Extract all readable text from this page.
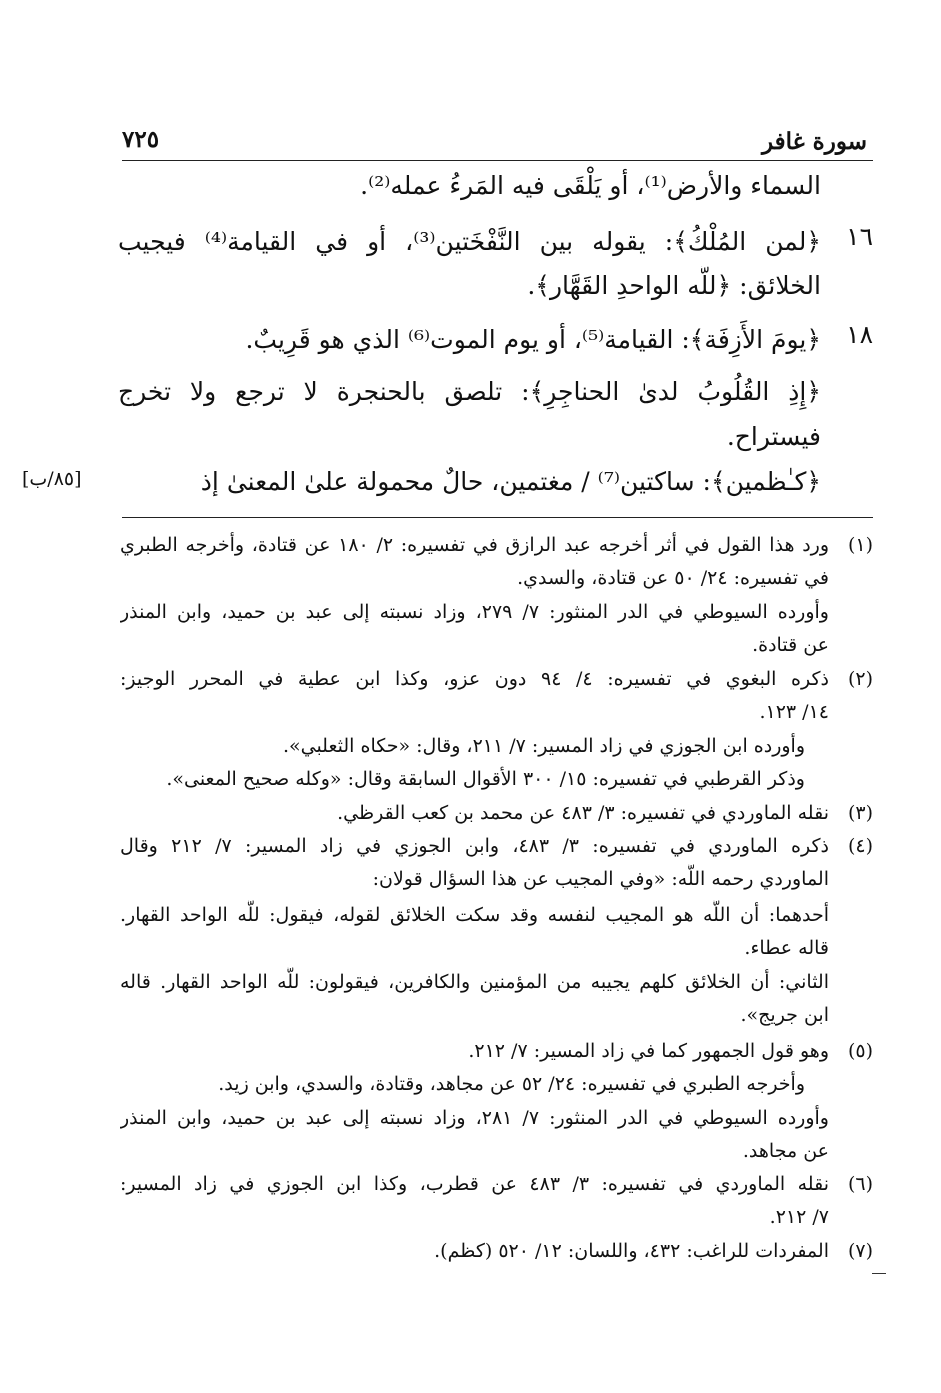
سورة غافر
٧٢٥
السماء والأرض⁽¹⁾، أو يَلْقَى فيه المَرءُ عمله⁽²⁾.
١٦
﴿لمن المُلْكُ﴾: يقوله بين النَّفْخَتين⁽³⁾، أو في القيامة⁽⁴⁾ فيجيب
الخلائق: ﴿للَّه الواحدِ القَهَّار﴾.
١٨
﴿يومَ الأَزِفَة﴾: القيامة⁽⁵⁾، أو يوم الموت⁽⁶⁾ الذي هو قَرِيبٌ.
﴿إِذِ القُلُوبُ لدىٰ الحناجِرِ﴾: تلصق بالحنجرة لا ترجع ولا تخرج
فيستراح.
﴿كـٰظمين﴾: ساكتين⁽⁷⁾ / مغتمين، حالٌ محمولة علىٰ المعنىٰ إذ
[٨٥/ب]
(١)
ورد هذا القول في أثر أخرجه عبد الرازق في تفسيره: ٢/ ١٨٠ عن قتادة، وأخرجه الطبري
في تفسيره: ٢٤/ ٥٠ عن قتادة، والسدي.
وأورده السيوطي في الدر المنثور: ٧/ ٢٧٩، وزاد نسبته إلى عبد بن حميد، وابن المنذر
عن قتادة.
(٢)
ذكره البغوي في تفسيره: ٤/ ٩٤ دون عزو، وكذا ابن عطية في المحرر الوجيز:
١٤/ ١٢٣.
وأورده ابن الجوزي في زاد المسير: ٧/ ٢١١، وقال: «حكاه الثعلبي».
وذكر القرطبي في تفسيره: ١٥/ ٣٠٠ الأقوال السابقة وقال: «وكله صحيح المعنى».
(٣)
نقله الماوردي في تفسيره: ٣/ ٤٨٣ عن محمد بن كعب القرظي.
(٤)
ذكره الماوردي في تفسيره: ٣/ ٤٨٣، وابن الجوزي في زاد المسير: ٧/ ٢١٢ وقال
الماوردي رحمه اللَّه: «وفي المجيب عن هذا السؤال قولان:
أحدهما: أن اللَّه هو المجيب لنفسه وقد سكت الخلائق لقوله، فيقول: للَّه الواحد القهار.
قاله عطاء.
الثاني: أن الخلائق كلهم يجيبه من المؤمنين والكافرين، فيقولون: للَّه الواحد القهار. قاله
ابن جريج».
(٥)
وهو قول الجمهور كما في زاد المسير: ٧/ ٢١٢.
وأخرجه الطبري في تفسيره: ٢٤/ ٥٢ عن مجاهد، وقتادة، والسدي، وابن زيد.
وأورده السيوطي في الدر المنثور: ٧/ ٢٨١، وزاد نسبته إلى عبد بن حميد، وابن المنذر
عن مجاهد.
(٦)
نقله الماوردي في تفسيره: ٣/ ٤٨٣ عن قطرب، وكذا ابن الجوزي في زاد المسير:
٧/ ٢١٢.
(٧)
المفردات للراغب: ٤٣٢، واللسان: ١٢/ ٥٢٠ (كظم).
